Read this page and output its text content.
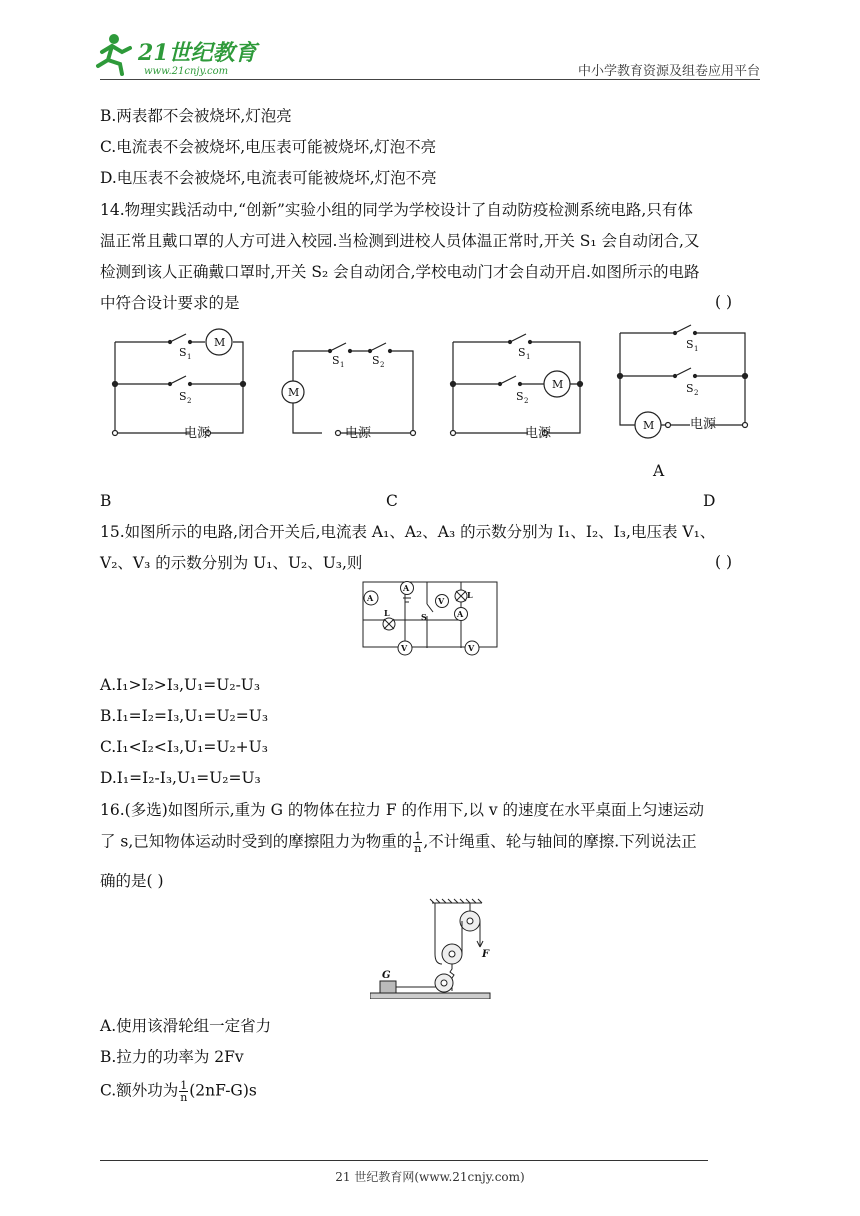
21世纪教育
www.21cnjy.com	中小学教育资源及组卷应用平台
B.两表都不会被烧坏,灯泡亮
C.电流表不会被烧坏,电压表可能被烧坏,灯泡不亮
D.电压表不会被烧坏,电流表可能被烧坏,灯泡不亮
14.物理实践活动中,“创新”实验小组的同学为学校设计了自动防疫检测系统电路,只有体
温正常且戴口罩的人方可进入校园.当检测到进校人员体温正常时,开关 S₁ 会自动闭合,又
检测到该人正确戴口罩时,开关 S₂ 会自动闭合,学校电动门才会自动开启.如图所示的电路
中符合设计要求的是	( )
S 1
M
S 2
电源
S 1	S 2
M
电源
S 1
S 2
M
电源
S 1
S 2
M	电源
A
B	C	D
15.如图所示的电路,闭合开关后,电流表 A₁、A₂、A₃ 的示数分别为 I₁、I₂、I₃,电压表 V₁、
V₂、V₃ 的示数分别为 U₁、U₂、U₃,则	( )
A
A
V
A
L
L	S
V	V
A.I₁>I₂>I₃,U₁=U₂-U₃
B.I₁=I₂=I₃,U₁=U₂=U₃
C.I₁<I₂<I₃,U₁=U₂+U₃
D.I₁=I₂-I₃,U₁=U₂=U₃
16.(多选)如图所示,重为 G 的物体在拉力 F 的作用下,以 v 的速度在水平桌面上匀速运动
了 s,已知物体运动时受到的摩擦阻力为物重的 $\frac{1}{n}$ ,不计绳重、轮与轴间的摩擦.下列说法正
确的是( )
G
F
A.使用该滑轮组一定省力
B.拉力的功率为 2Fv
C.额外功为 $\frac{1}{n} (2nF-G)s$
21 世纪教育网(www.21cnjy.com)
